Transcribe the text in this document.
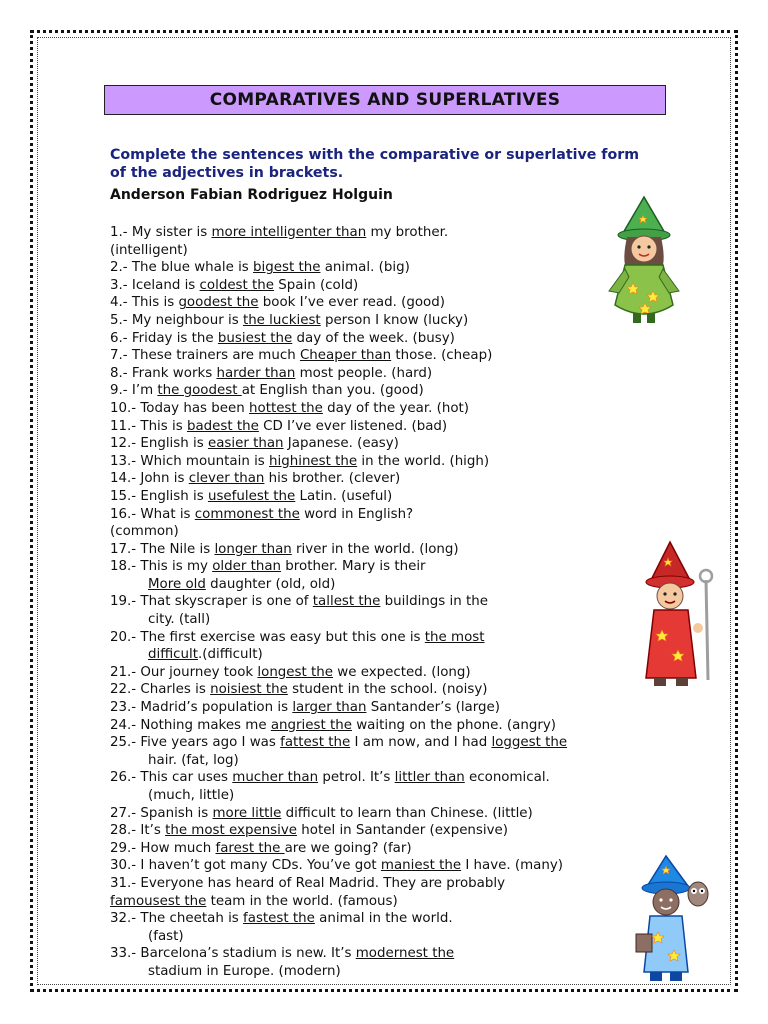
COMPARATIVES AND SUPERLATIVES
Complete the sentences with the comparative or superlative form of the adjectives in brackets.
Anderson Fabian Rodriguez Holguin
1.- My sister is more intelligenter than my brother.
(intelligent)
2.- The blue whale is bigest the animal. (big)
3.- Iceland is coldest the Spain (cold)
4.- This is goodest the book I’ve ever read. (good)
5.- My neighbour is the luckiest person I know (lucky)
6.- Friday is the busiest the day of the week. (busy)
7.- These trainers are much Cheaper than those. (cheap)
8.- Frank works harder than most people. (hard)
9.- I’m the goodest at English than you. (good)
10.- Today has been hottest the day of the year. (hot)
11.- This is badest the CD I’ve ever listened. (bad)
12.- English is easier than Japanese. (easy)
13.- Which mountain is highinest the in the world. (high)
14.- John is clever than his brother. (clever)
15.- English is usefulest the Latin. (useful)
16.- What is commonest the word in English?
(common)
17.- The Nile is longer than river in the world. (long)
18.- This is my older than brother. Mary is their
More old daughter (old, old)
19.- That skyscraper is one of tallest the buildings in the
city. (tall)
20.- The first exercise was easy but this one is the most
difficult.(difficult)
21.- Our journey took longest the we expected. (long)
22.- Charles is noisiest the student in the school. (noisy)
23.- Madrid’s population is larger than Santander’s (large)
24.- Nothing makes me angriest the waiting on the phone. (angry)
25.- Five years ago I was fattest the I am now, and I had loggest the
hair. (fat, log)
26.- This car uses mucher than petrol. It’s littler than economical.
(much, little)
27.- Spanish is more little difficult to learn than Chinese. (little)
28.- It’s the most expensive hotel in Santander (expensive)
29.- How much farest the are we going? (far)
30.- I haven’t got many CDs. You’ve got maniest the I have. (many)
31.- Everyone has heard of Real Madrid. They are probably
famousest the team in the world. (famous)
32.- The cheetah is fastest the animal in the world.
(fast)
33.- Barcelona’s stadium is new. It’s modernest the
stadium in Europe. (modern)
